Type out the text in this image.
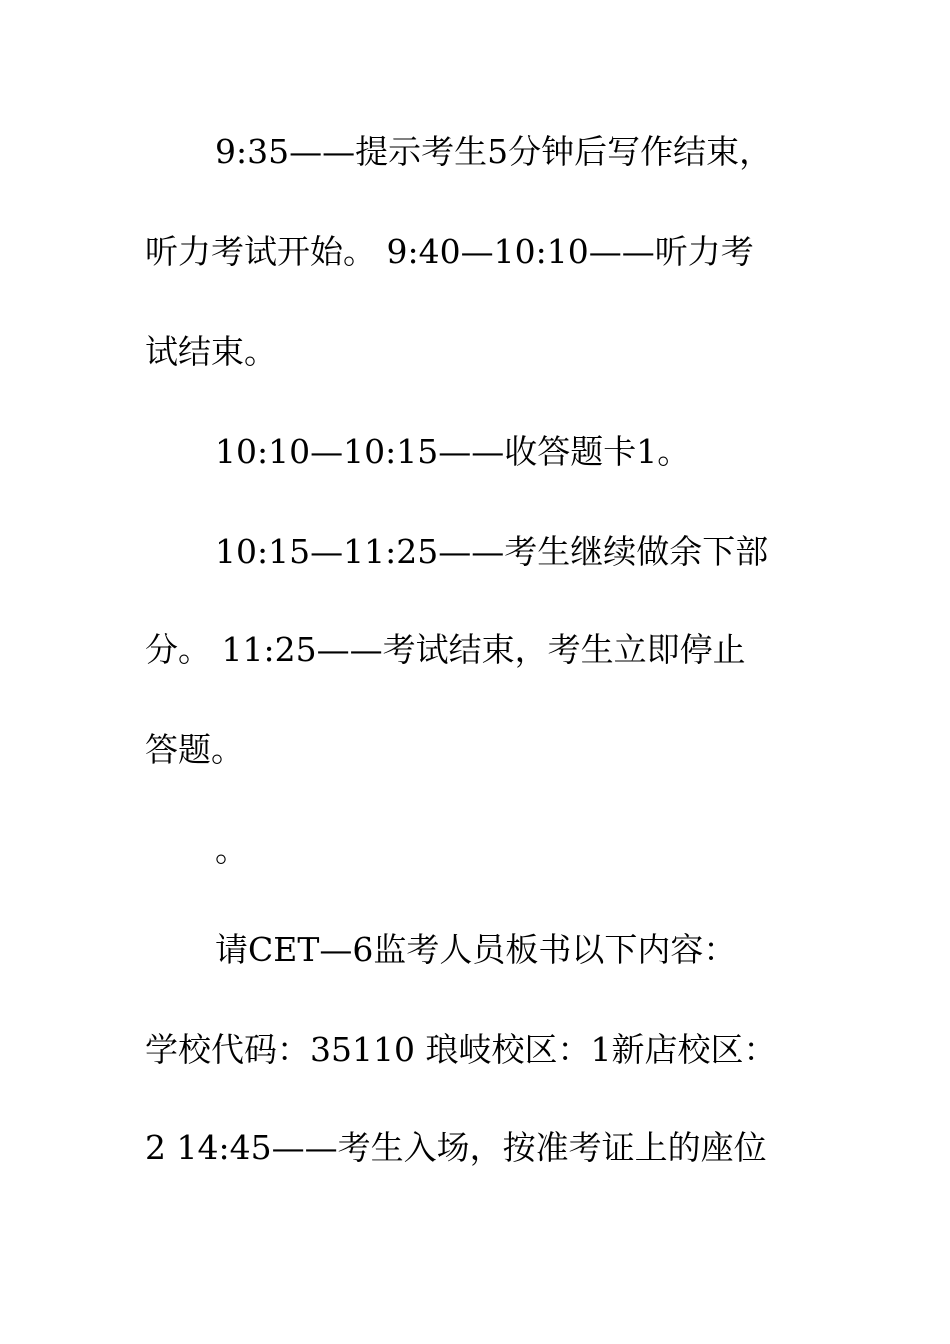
9:35——提示考生5分钟后写作结束，
听力考试开始。 9:40—10:10——听力考
试结束。
10:10—10:15——收答题卡1。
10:15—11:25——考生继续做余下部
分。 11:25——考试结束，考生立即停止
答题。
。
请CET—6监考人员板书以下内容：
学校代码：35110 琅岐校区：1新店校区：
2 14:45——考生入场，按准考证上的座位
